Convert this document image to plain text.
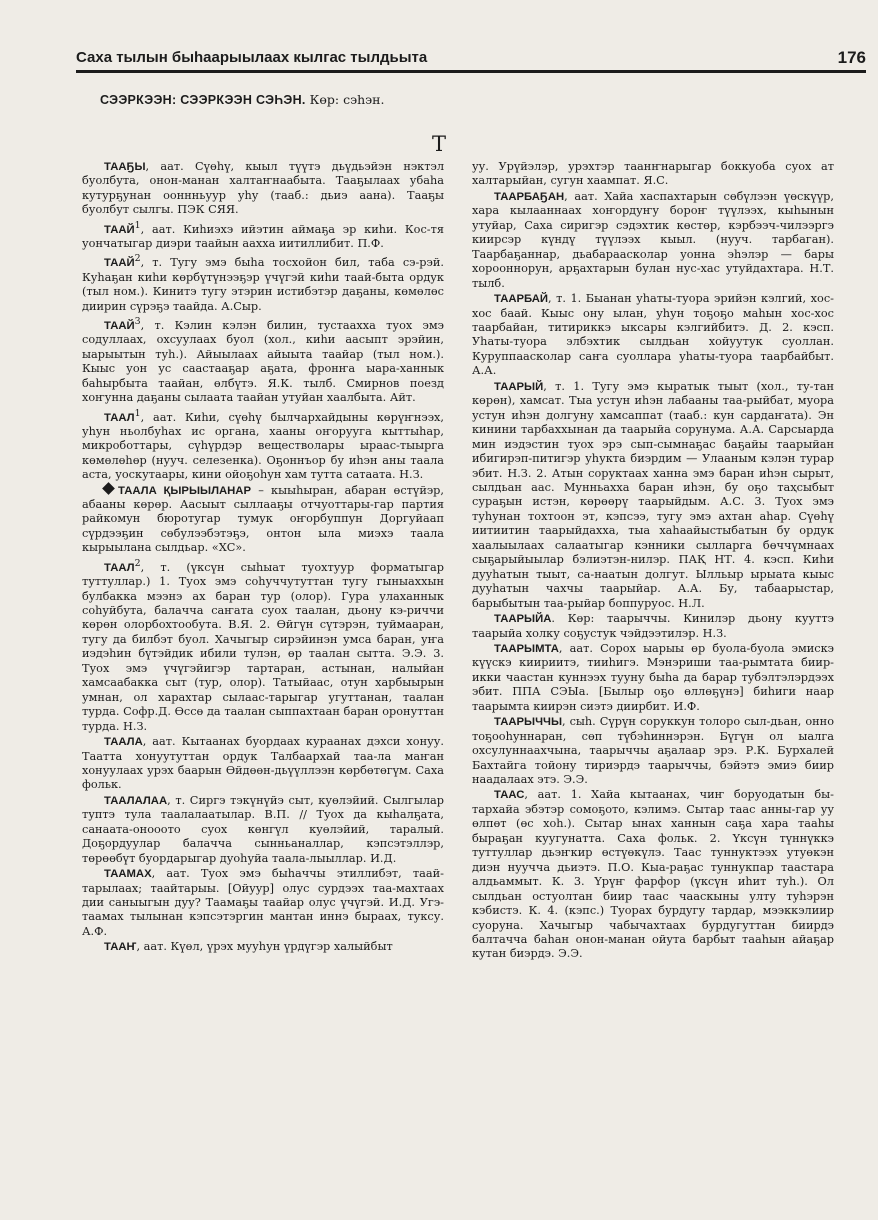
Саха тылын быһаарыылаах кылгас тылдьыта	176
СЭЭРКЭЭН: СЭЭРКЭЭН СЭҺЭН. Көр: сэһэн.
Т

ТААҔЫ, аат. Сүөһү, кыыл түүтэ дьүдьэйэн нэктэл буолбута, онон-манан халтаҥнаабыта. Тааҕылаах убаһа кутурҕунан ооннньуур уһу (тааб.: дьиэ аана). Тааҕы буолбут сылгы. ПЭК СЯЯ.

ТААЙ$^1$, аат. Киһиэхэ ийэтин аймаҕа эр киһи. Кос-тя уончатыгар диэри таайын аахха иитиллибит. П.Ф.

ТААЙ$^2$, т. Тугу эмэ быһа тосхойон бил, таба сэ-рэй. Куһаҕан киһи көрбүтүнээҕэр үчүгэй киһи таай-быта ордук (тыл ном.). Кинитэ тугу этэрин истибэтэр даҕаны, көмөлөс диирин сүрэҕэ таайда. А.Сыр.

ТААЙ$^3$, т. Кэлин кэлэн билин, тустаахха туох эмэ содуллаах, охсуулаах буол (хол., киһи аасыпт эрэйин, ыарыытын туһ.). Айыылаах айыыта таайар (тыл ном.). Кыыс уон ус саастааҕар аҕата, фронҥа ыара-ханнык баһырбыта таайан, өлбүтэ. Я.К. тылб. Смирнов поезд хоҥунна даҕаны сылаата таайан утуйан хаалбыта. Айт.

ТААЛ$^1$, аат. Киһи, сүөһү былчархайдыны көрүҥнээх, уһун ньолбуһах ис органа, хааны оҥоруугa кыттыһар, микроботтары, сүһүрдэр веществолары ыраас-тыырга көмөлөһөр (нууч. селезенка). Оҕоннъор бу иһэн аны таала аста, уоскутаары, кини ойоҕоһун хам тутта сатаата. Н.З.

ТААЛА ҚЫРЫЫЛАНАР – кыыһыран, абаран өстүйэр, абааны көрөр. Аасыыт сыллааҕы отчуоттары-гар партия райкомун бюротугар тумук оҥорбуппун Доргуйаап сүрдээҕин сөбулээбэтэҕэ, онтон ыла миэхэ таала кырыылана сылдьар. «ХС».

ТААЛ$^2$, т. (үксүн сыһыат туохтуур форматыгар туттуллар.) 1. Туох эмэ соһуччутуттан тугу гыныаххын булбакка мээнэ ах баран тур (олор). Гура улаханнык соһуйбута, балачча саҥата суох таалан, дьону кэ-риччи көрөн олорбохтообута. В.Я. 2. Өйгүн сүтэрэн, туймааран, тугу да билбэт буол. Хачыгыр сирэйинэн умса баран, уҥа иэдэһин бүтэйдик ибили тулэн, өр таалан сытта. Э.Э. 3. Туох эмэ үчүгэйигэр тартаран, астынан, налыйан хамсаабакка сыт (тур, олор). Татыйаас, отун харбыырын умнан, ол харахтар сылаас-тарыгар угуттанан, таалан турда. Софр.Д. Өссө да таалан сыппахтаан баран оронуттан турда. Н.З.

ТААЛА, аат. Кытаанах буордаах кураанах дэхси хонуу. Таатта хонуутуттан ордук Талбаархай таа-ла маҥан хонуулаах урэх баарын Өйдөөн-дьүүллээн көрбөтөгүм. Саха фольк.

ТААЛАЛАА, т. Сиргэ тэкүнүйэ сыт, куөлэйий. Сылгылар туптэ тула таалалаатылар. В.П. // Туох да кыһалҕата, санаата-онооото суох көнгүл куөлэйий, таралый. Доҕордуулар балачча сынньаналлар, кэпсэтэллэр, төрөөбүт буордарыгар дуоһуйа таала-лыыллар. И.Д.

ТААМАХ, аат. Туох эмэ быһаччы этиллибэт, таай-тарылаах; таайтарыы. [Ойуур] олус сурдээх таа-махтаах дии саныыгын дуу? Таамаҕы таайар олус үчүгэй. И.Д. Угэ-таамах тылынан кэпсэтэргин мантан иннэ быраах, туксу. А.Ф.

ТААҤ, аат. Күөл, үрэх мууһун үрдүгэр халыйбыт

уу. Урүйэлэр, урэхтэр таанҥнарыгар боккуоба суох ат халтарыйан, сугун хаампат. Я.С.

ТААРБАҔАН, аат. Хайа хаспахтарын сөбүлээн үөскүүр, хара кылааннаах хоҥордуҥу бороҥ түүлээх, кыһынын утуйар, Саха сиригэр сэдэхтик көстөр, кэрбээч-чилээргэ киирсэр күндү түүлээх кыыл. (нууч. тарбаган). Таарбаҕаннар, дьабараасколар уонна эһэлэр — бары хорооннорун, арҕахтарын булан нус-хас утуйдахтара. Н.Т. тылб.

ТААРБАЙ, т. 1. Быанан уһаты-туора эрийэн кэлгий, хос-хос баай. Кыыс ону ылан, уһун тоҕоҕо маһын хос-хос таарбайан, титириккэ ыксары кэлгийбитэ. Д. 2. кэсп. Уһаты-туора элбэхтик сылдьан хойуутук суоллан. Куруппаасколар саҥа суоллара уһаты-туора таарбайбыт. А.А.

ТААРЫЙ, т. 1. Тугу эмэ кыратык тыыт (хол., ту-тан көрөн), хамсат. Тыа устун иһэн лабааны таа-рыйбат, муора устун иһэн долгуну хамсаппат (тааб.: кун сардаҥата). Эн кинини тарбаххынан да таарыйа сорунума. А.А. Сарсыарда мин иэдэстин туох эрэ сып-сымнаҕас баҕайы таарыйан ибигирэп-питигэр уһукта биэрдим — Улааным кэлэн турар эбит. Н.З. 2. Атын соруктаах ханна эмэ баран иһэн сырыт, сылдьан аас. Мунньахха баран иһэн, бу оҕо таҳсыбыт сураҕын истэн, көрөөрү таарыйдым. А.С. 3. Туох эмэ туһунан тохтоон эт, кэпсээ, тугу эмэ ахтан аһар. Сүөһү иитиитин таарыйдахха, тыа хаһаайыстыбатын бу ордук хаалыылаах салаатыгар кэнники сылларга бөччүмнаах сыҕарыйыылар бэлиэтэн-нилэр. ПАҚ НТ. 4. кэсп. Киһи дууһатын тыыт, са-наатын долгут. Ылльыр ырыата кыыс дууһатын чахчы таарыйар. А.А. Бу, табаарыстар, барыбытын таа-рыйар боппуруос. Н.Л.

ТААРЫЙА. Көр: таарыччы. Кинилэр дьону кууттэ таарыйа холку соҕустук чэйдээтилэр. Н.З.

ТААРЫМТА, аат. Сорох ыарыы өр буола-буола эмискэ күүскэ киириитэ, тииһигэ. Мэнэриши таа-рымтата биир-икки чаастан куннээх тууну быһа да барар тубэлтэлэрдээх эбит. ППА СЭЫа. [Былыр оҕо өллөҕүнэ] биһиги наар таарымта киирэн сиэтэ диирбит. И.Ф.

ТААРЫЧЧЫ, сыһ. Сүрүн соруккун толоро сыл-дьан, онно тоҕооһуннаран, сөп түбэһиннэрэн. Бүгүн ол ыалга охсулуннаахчына, таарыччы аҕалаар эрэ. Р.К. Бурхалей Бахтайга тойону тириэрдэ таарыччы, бэйэтэ эмиэ биир наадалаах этэ. Э.Э.

ТААС, аат. 1. Хайа кытаанах, чиҥ боруодатын бы-тархайа эбэтэр сомоҕото, кэлимэ. Сытар таас анны-гар уу өлпөт (өс хоһ.). Сытар ынах ханнын саҕа хара тааһы быраҕан куугунатта. Саха фольк. 2. Үксүн түннүккэ туттуллар дьэҥкир өстүөкүлэ. Таас туннуктээх утуөкэн диэн нуучча дьиэтэ. П.О. Кыа-раҕас туннукпар таастара алдьаммыт. К. 3. Үрүҥ фарфор (үксүн иһит туһ.). Ол сылдьан остуолтан биир таас чааскыны улту туһэрэн кэбистэ. К. 4. (кэпс.) Туорах бурдугу тардар, мээккэлиир суоруна. Хачыгыр чабычахтаах бурдугуттан биирдэ балтачча баһан онон-манан ойута барбыт тааһын айаҕар кутан биэрдэ. Э.Э.
